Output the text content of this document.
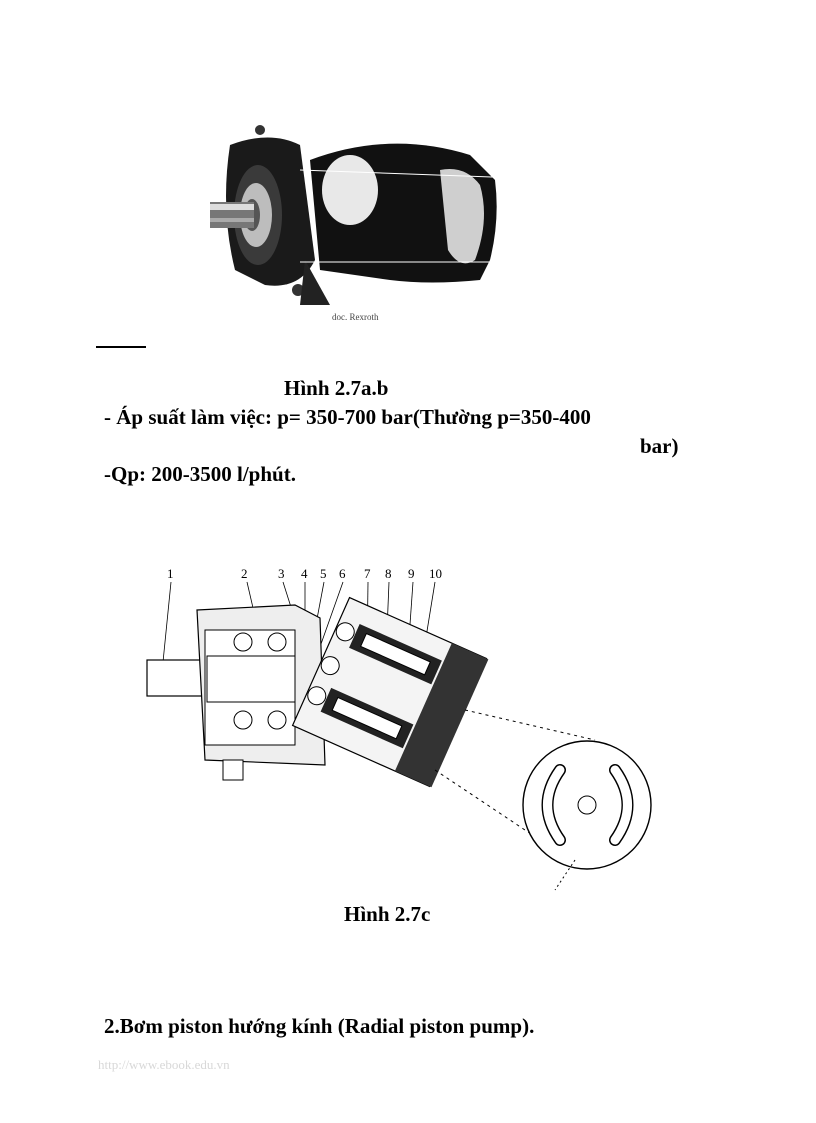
doc. Rexroth
Hình 2.7a.b
- Áp suất làm việc: p= 350-700 bar(Thường p=350-400
bar)
-Qp: 200-3500 l/phút.
1	2 3 4 5 6 7 8 9 10
Hình 2.7c
2.Bơm piston hướng kính (Radial piston pump).
http://www.ebook.edu.vn
